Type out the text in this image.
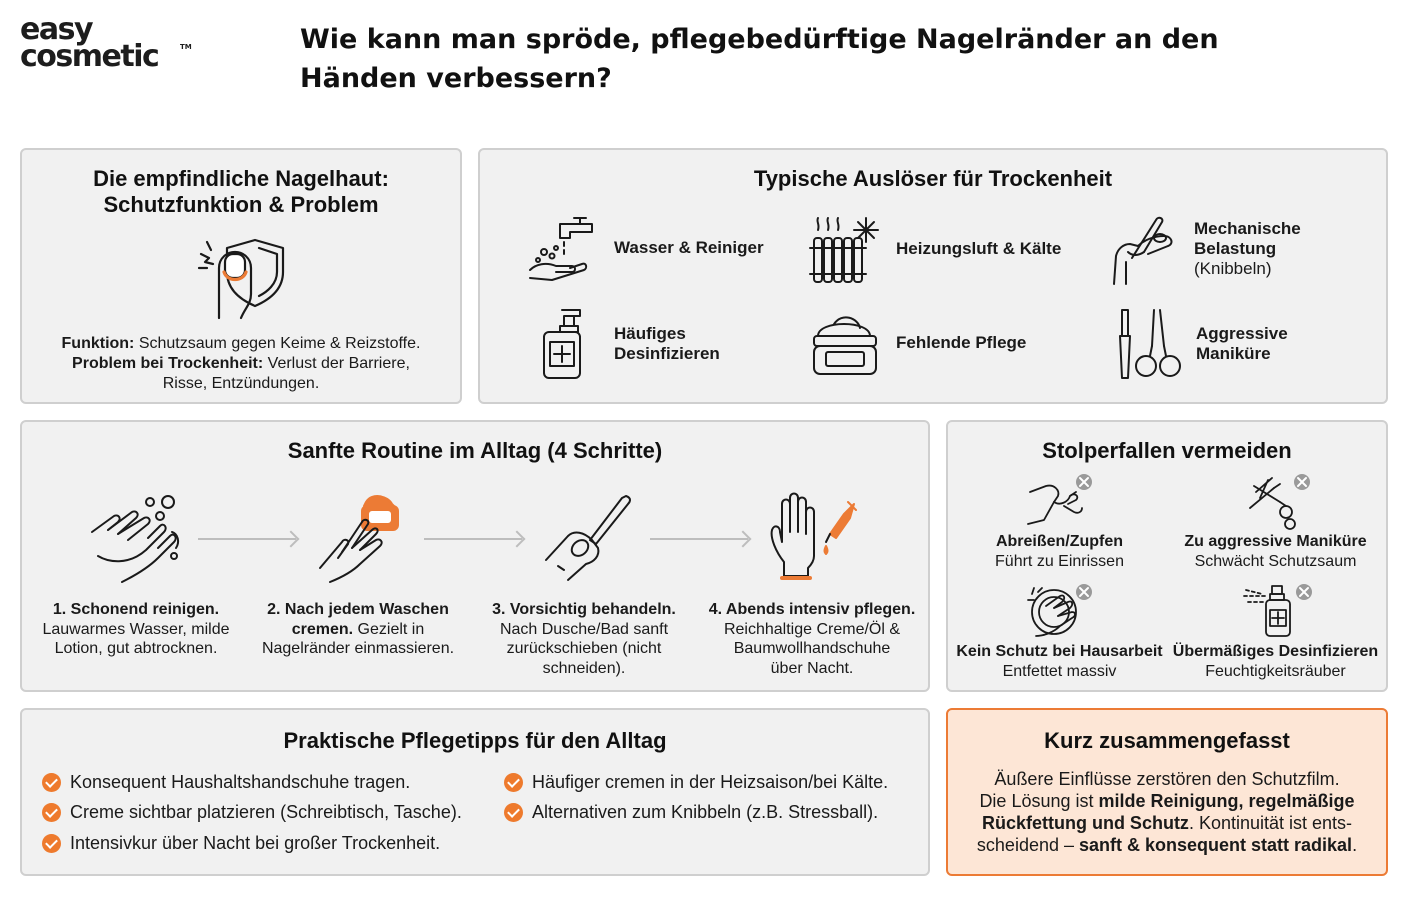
easy
cosmetic	TM	Wie kann man spröde, pflegebedürftige Nagelränder an den Händen verbessern?
Die empfindliche Nagelhaut:
Schutzfunktion & Problem
Funktion: Schutzsaum gegen Keime & Reizstoffe.
Problem bei Trockenheit: Verlust der Barriere,
Risse, Entzündungen.
Typische Auslöser für Trockenheit
Wasser & Reiniger	Heizungsluft & Kälte
Mechanische Belastung
(Knibbeln)
Häufiges
Desinfizieren
Fehlende Pflege	Aggressive
Maniküre
Sanfte Routine im Alltag (4 Schritte)
1. Schonend reinigen.
Lauwarmes Wasser, milde
Lotion, gut abtrocknen.
2. Nach jedem Waschen
cremen. Gezielt in
Nagelränder einmassieren.
3. Vorsichtig behandeln.
Nach Dusche/Bad sanft
zurückschieben (nicht
schneiden).
4. Abends intensiv pflegen.
Reichhaltige Creme/Öl &
Baumwollhandschuhe
über Nacht.
Stolperfallen vermeiden
Abreißen/Zupfen
Führt zu Einrissen
Zu aggressive Maniküre
Schwächt Schutzsaum
Kein Schutz bei Hausarbeit
Entfettet massiv
Übermäßiges Desinfizieren
Feuchtigkeitsräuber
Praktische Pflegetipps für den Alltag
Konsequent Haushaltshandschuhe tragen.
Creme sichtbar platzieren (Schreibtisch, Tasche).
Intensivkur über Nacht bei großer Trockenheit.
Häufiger cremen in der Heizsaison/bei Kälte.
Alternativen zum Knibbeln (z.B. Stressball).
Kurz zusammengefasst
Äußere Einflüsse zerstören den Schutzfilm.
Die Lösung ist milde Reinigung, regelmäßige
Rückfettung und Schutz. Kontinuität ist ents-
scheidend – sanft & konsequent statt radikal.
